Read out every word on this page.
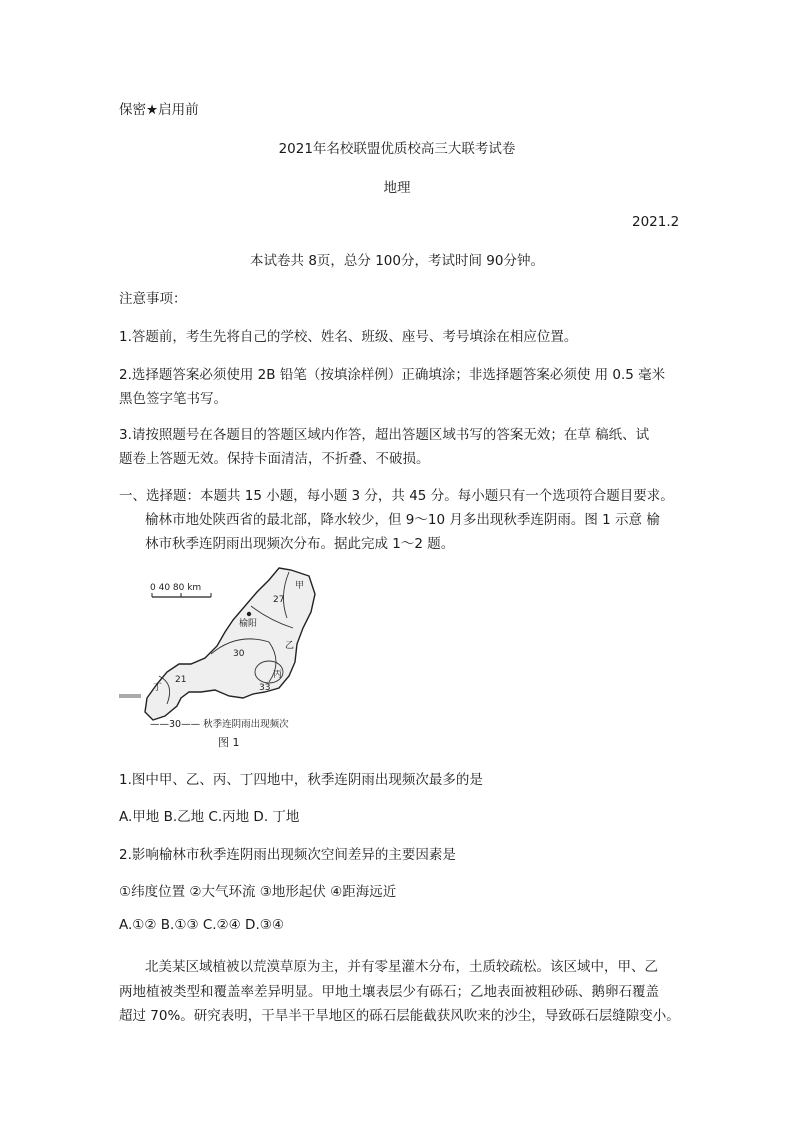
保密★启用前
2021年名校联盟优质校高三大联考试卷
地理
2021.2
本试卷共 8页，总分 100分，考试时间 90分钟。
注意事项：
1.答题前，考生先将自己的学校、姓名、班级、座号、考号填涂在相应位置。
2.选择题答案必须使用 2B 铅笔（按填涂样例）正确填涂；非选择题答案必须使 用 0.5 毫米
黑色签字笔书写。
3.请按照题号在各题目的答题区域内作答，超出答题区域书写的答案无效；在草 稿纸、试
题卷上答题无效。保持卡面清洁，不折叠、不破损。
一、选择题：本题共 15 小题，每小题 3 分，共 45 分。每小题只有一个选项符合题目要求。
榆林市地处陕西省的最北部，降水较少，但 9～10 月多出现秋季连阴雨。图 1 示意 榆
林市秋季连阴雨出现频次分布。据此完成 1～2 题。
0 40 80 km	甲
乙
丙
丁
榆阳
27
30
33
21
——30—— 秋季连阴雨出现频次
图 1
1.图中甲、乙、丙、丁四地中，秋季连阴雨出现频次最多的是
A.甲地 B.乙地 C.丙地 D. 丁地
2.影响榆林市秋季连阴雨出现频次空间差异的主要因素是
①纬度位置 ②大气环流 ③地形起伏 ④距海远近
A.①② B.①③ C.②④ D.③④
北美某区域植被以荒漠草原为主，并有零星灌木分布，土质较疏松。该区域中，甲、乙
两地植被类型和覆盖率差异明显。甲地土壤表层少有砾石；乙地表面被粗砂砾、鹅卵石覆盖
超过 70%。研究表明，干旱半干旱地区的砾石层能截获风吹来的沙尘，导致砾石层缝隙变小。
